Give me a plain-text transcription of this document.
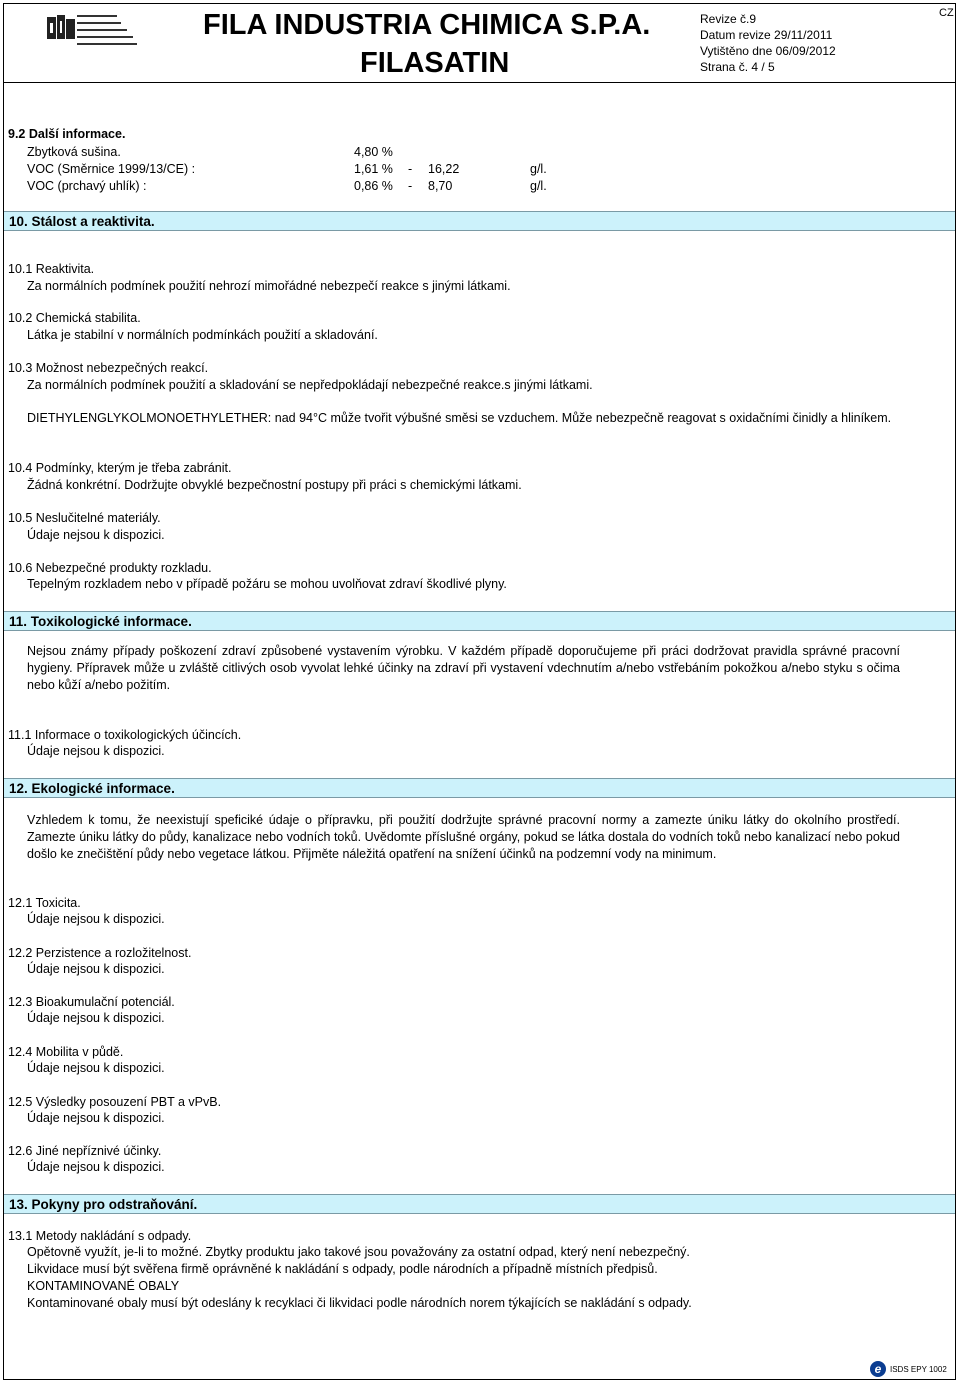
FILA INDUSTRIA CHIMICA S.P.A.
FILASATIN
Revize č.9
Datum revize 29/11/2011
Vytištěno dne 06/09/2012
Strana č. 4 / 5
CZ
9.2 Další informace.
Zbytková sušina.	4,80 %
VOC (Směrnice 1999/13/CE) :	1,61 % - 16,22	g/l.
VOC (prchavý uhlík) :	0,86 % - 8,70	g/l.
10. Stálost a reaktivita.
10.1 Reaktivita.
Za normálních podmínek použití nehrozí mimořádné nebezpečí reakce s jinými látkami.
10.2 Chemická stabilita.
Látka je stabilní v normálních podmínkách použití a skladování.
10.3 Možnost nebezpečných reakcí.
Za normálních podmínek použití a skladování se nepředpokládají nebezpečné reakce.s jinými látkami.
DIETHYLENGLYKOLMONOETHYLETHER: nad 94°C může tvořit výbušné směsi se vzduchem. Může nebezpečně reagovat s oxidačními činidly a hliníkem.
10.4 Podmínky, kterým je třeba zabránit.
Žádná konkrétní. Dodržujte obvyklé bezpečnostní postupy při práci s chemickými látkami.
10.5 Neslučitelné materiály.
Údaje nejsou k dispozici.
10.6 Nebezpečné produkty rozkladu.
Tepelným rozkladem nebo v případě požáru se mohou uvolňovat zdraví škodlivé plyny.
11. Toxikologické informace.
Nejsou známy případy poškození zdraví způsobené vystavením výrobku. V každém případě doporučujeme při práci dodržovat pravidla správné pracovní hygieny. Přípravek může u zvláště citlivých osob vyvolat lehké účinky na zdraví při vystavení vdechnutím a/nebo vstřebáním pokožkou a/nebo styku s očima nebo kůží a/nebo požitím.
11.1 Informace o toxikologických účincích.
Údaje nejsou k dispozici.
12. Ekologické informace.
Vzhledem k tomu, že neexistují speficiké údaje o přípravku, při použití dodržujte správné pracovní normy a zamezte úniku látky do okolního prostředí. Zamezte úniku látky do půdy, kanalizace nebo vodních toků. Uvědomte příslušné orgány, pokud se látka dostala do vodních toků nebo kanalizací nebo pokud došlo ke znečištění půdy nebo vegetace látkou. Přijměte náležitá opatření na snížení účinků na podzemní vody na minimum.
12.1 Toxicita.
Údaje nejsou k dispozici.
12.2 Perzistence a rozložitelnost.
Údaje nejsou k dispozici.
12.3 Bioakumulační potenciál.
Údaje nejsou k dispozici.
12.4 Mobilita v půdě.
Údaje nejsou k dispozici.
12.5 Výsledky posouzení PBT a vPvB.
Údaje nejsou k dispozici.
12.6 Jiné nepříznivé účinky.
Údaje nejsou k dispozici.
13. Pokyny pro odstraňování.
13.1 Metody nakládání s odpady.
Opětovně využít, je-li to možné. Zbytky produktu jako takové jsou považovány za ostatní odpad, který není nebezpečný.
Likvidace musí být svěřena firmě oprávněné k nakládání s odpady, podle národních a případně místních předpisů.
KONTAMINOVANÉ OBALY
Kontaminované obaly musí být odeslány k recyklaci či likvidaci podle národních norem týkajících se nakládání s odpady.
e	ISDS EPY 1002
